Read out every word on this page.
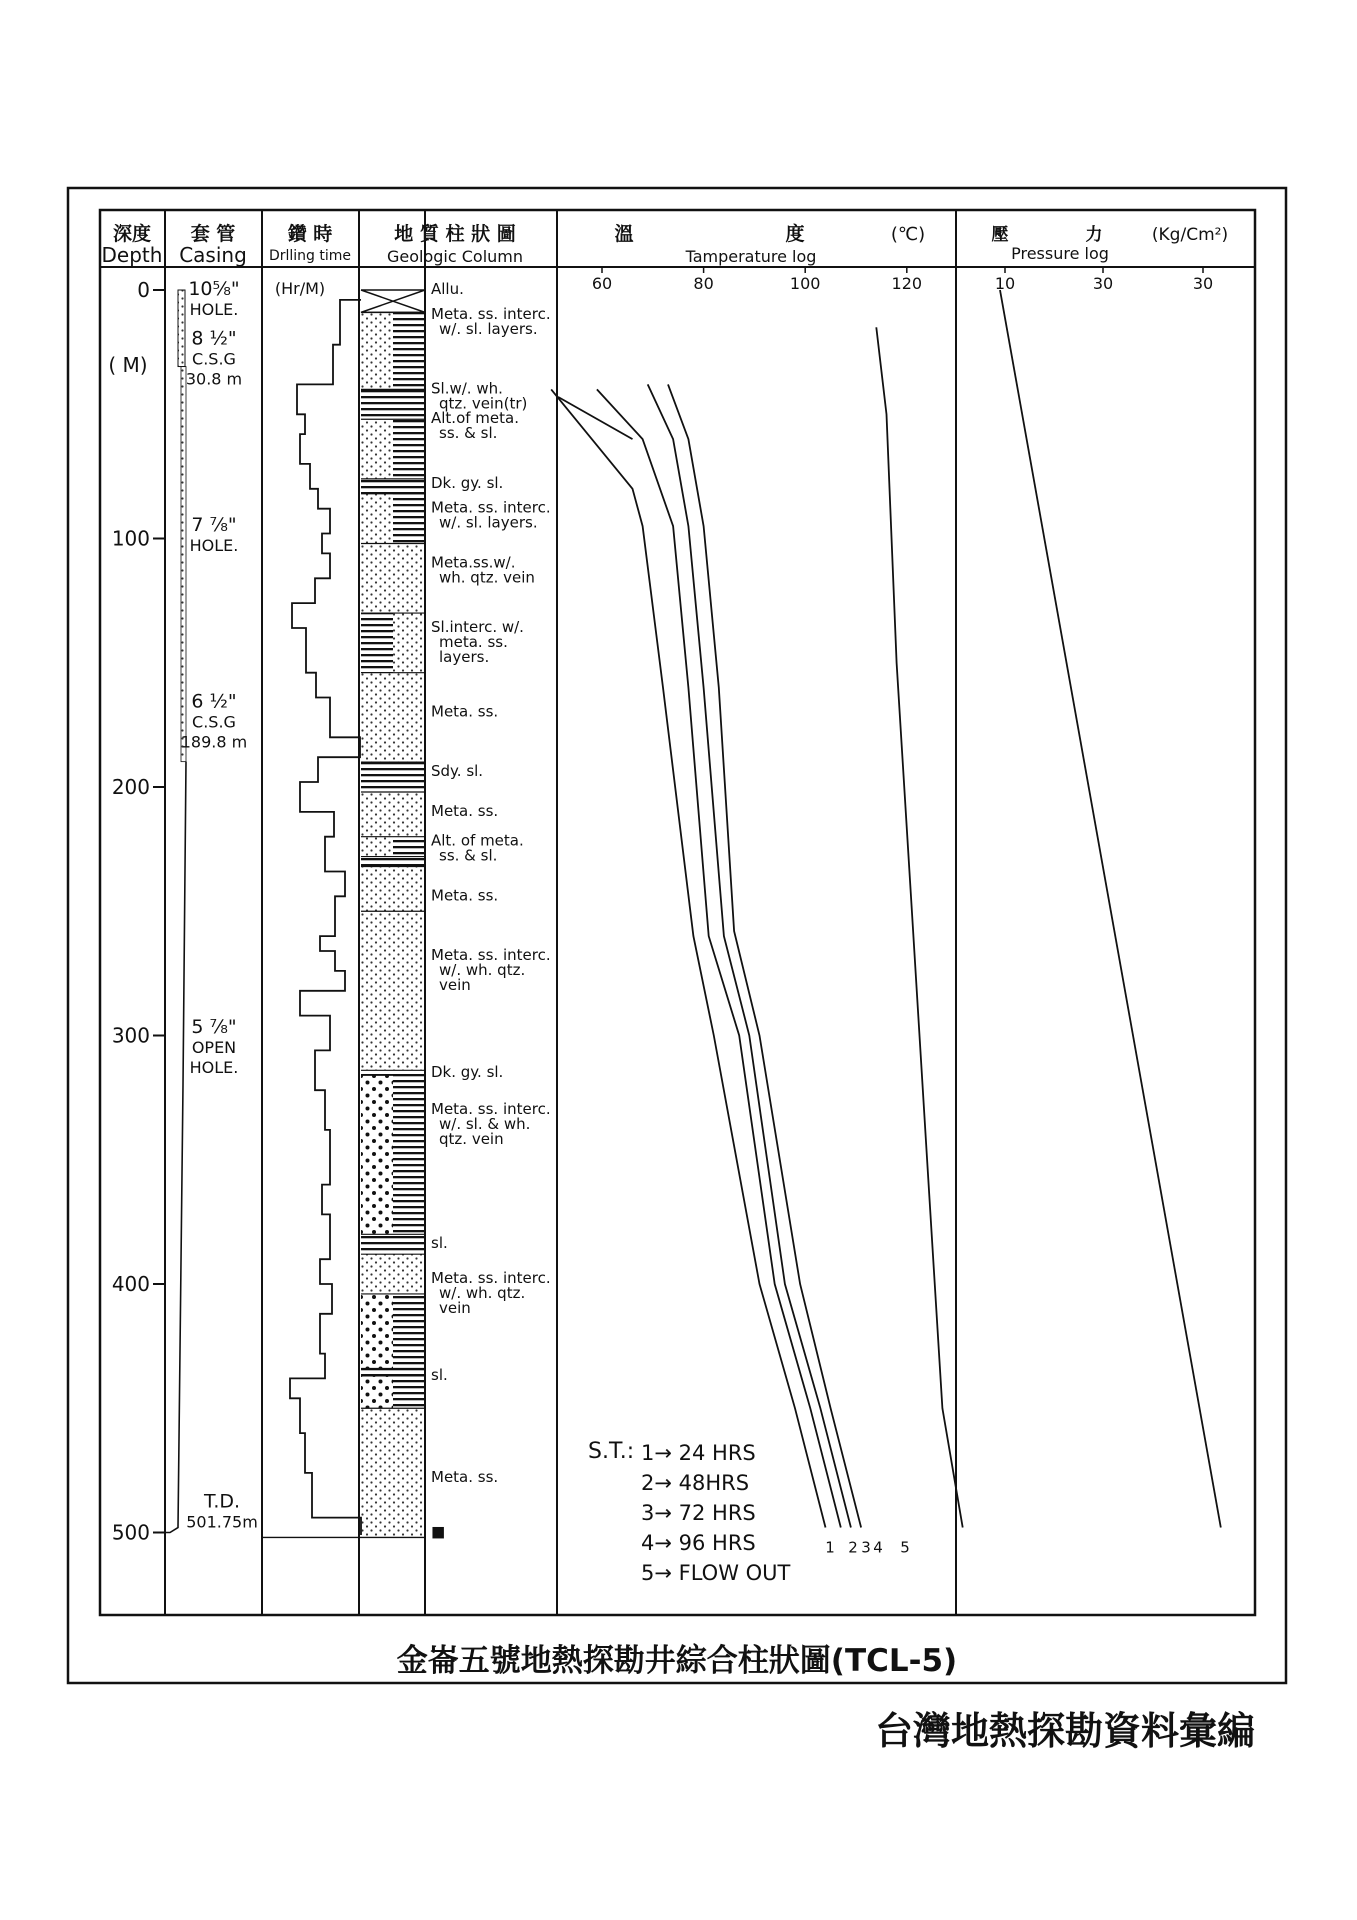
深度
Depth
套 管
Casing
鑽 時
Drlling time
地 質 柱 狀 圖
Geologic Column
溫	度	(℃)
Tamperature log
壓	力	(Kg/Cm²)
Pressure log
( M)
(Hr/M)
0
100
200
300
400
500
10⁵⁄₈"
HOLE.
8 ¹⁄₂"
C.S.G
30.8 m
7 ⁷⁄₈"
HOLE.
6 ¹⁄₂"
C.S.G
189.8 m
5 ⁷⁄₈"
OPEN
HOLE.
T.D.
501.75m
Allu.
Meta. ss. interc.
w/. sl. layers.
Sl.w/. wh.
qtz. vein(tr)
Alt.of meta.
ss. & sl.
Dk. gy. sl.
Meta. ss. interc.
w/. sl. layers.
Meta.ss.w/.
wh. qtz. vein
Sl.interc. w/.
meta. ss.
layers.
Meta. ss.
Sdy. sl.
Meta. ss.
Alt. of meta.
ss. & sl.
Meta. ss.
Meta. ss. interc.
w/. wh. qtz.
vein
Dk. gy. sl.
Meta. ss. interc.
w/. sl. & wh.
qtz. vein
sl.
Meta. ss. interc.
w/. wh. qtz.
vein
sl.
Meta. ss.
■
60	80	100	120
1 2 3 4 5
10	30	30
S.T.: 1→ 24 HRS
2→ 48HRS
3→ 72 HRS
4→ 96 HRS
5→ FLOW OUT
金崙五號地熱探勘井綜合柱狀圖(TCL-5)
台灣地熱探勘資料彙編
